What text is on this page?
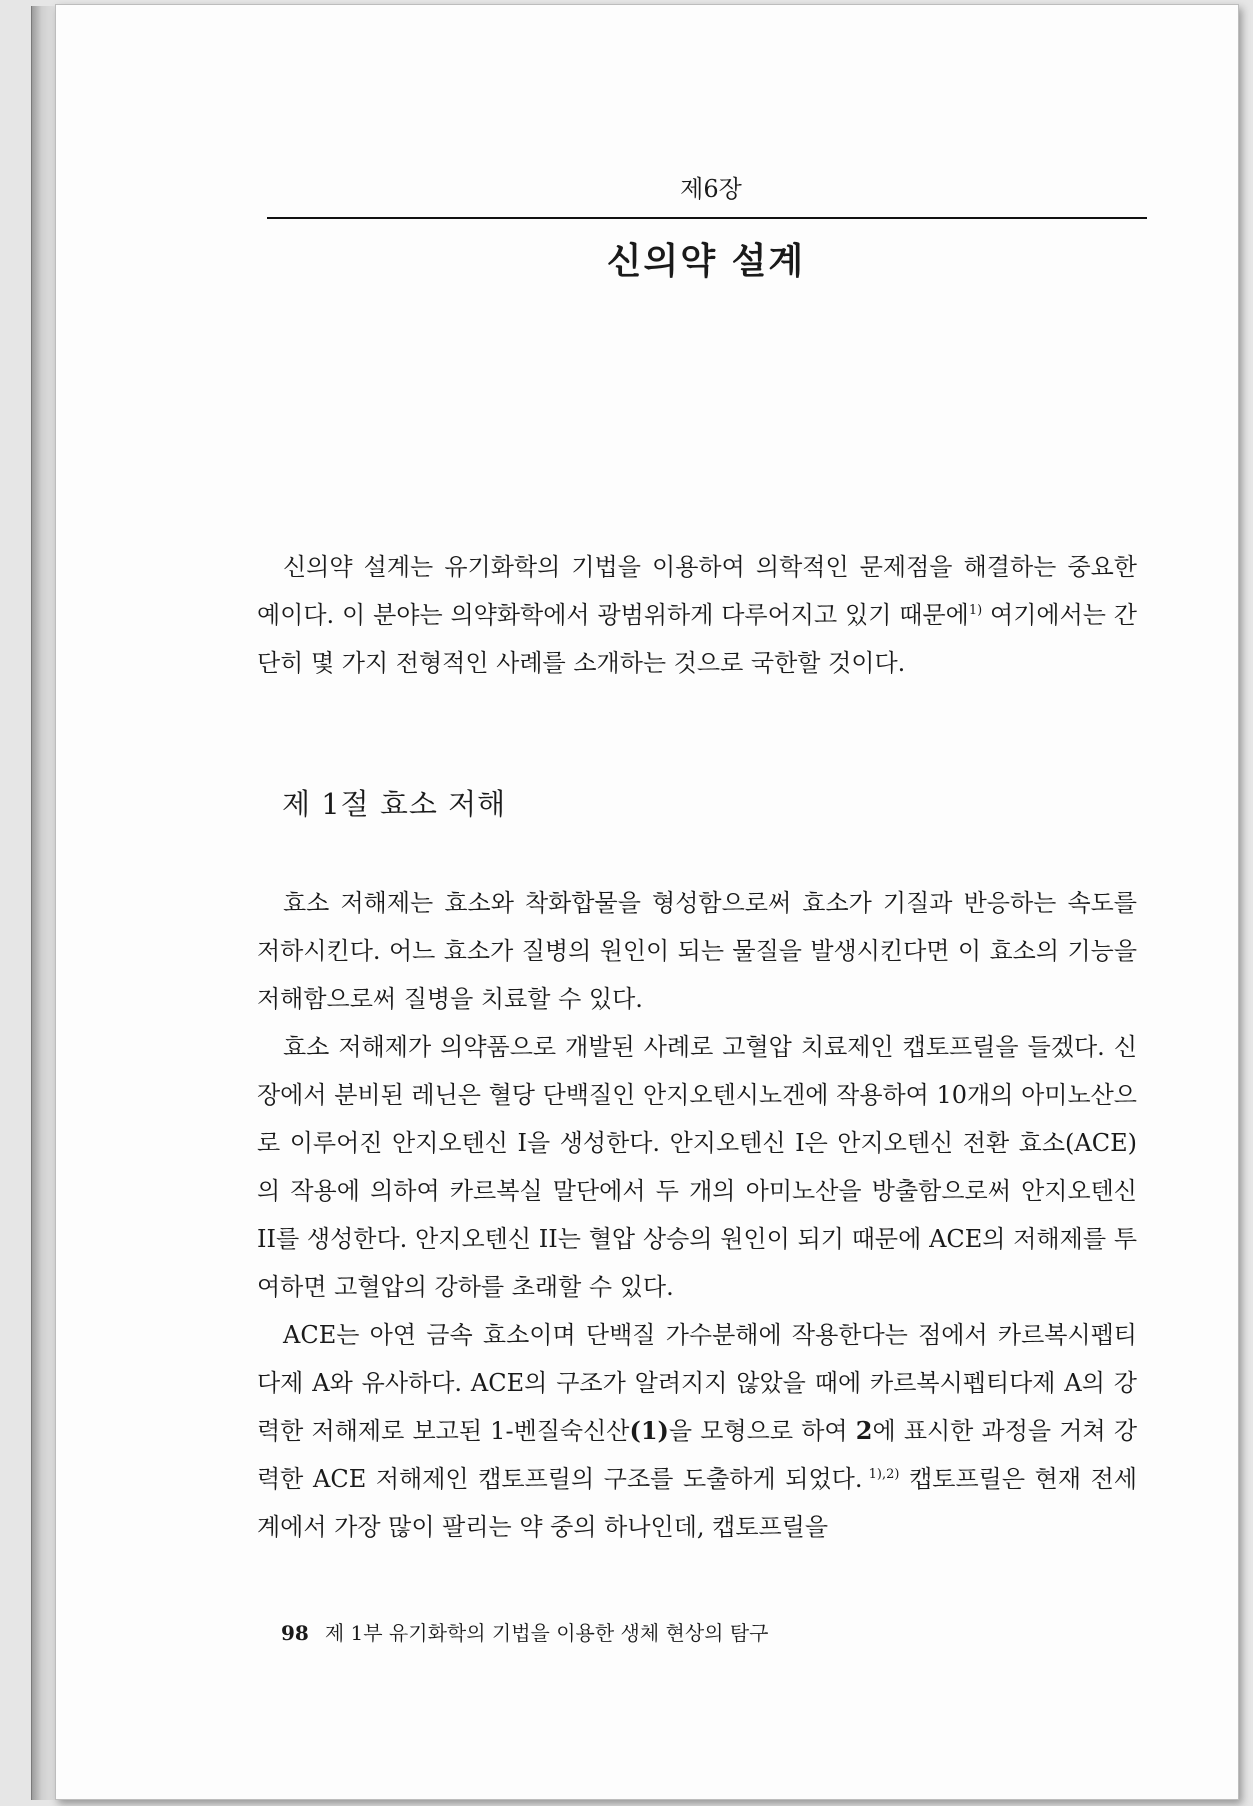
제6장
신의약 설계

신의약 설계는 유기화학의 기법을 이용하여 의학적인 문제점을 해결하는 중요한 예이다. 이 분야는 의약화학에서 광범위하게 다루어지고 있기 때문에$^{1)}$ 여기에서는 간단히 몇 가지 전형적인 사례를 소개하는 것으로 국한할 것이다.

제 1절 효소 저해

효소 저해제는 효소와 착화합물을 형성함으로써 효소가 기질과 반응하는 속도를 저하시킨다. 어느 효소가 질병의 원인이 되는 물질을 발생시킨다면 이 효소의 기능을 저해함으로써 질병을 치료할 수 있다.

효소 저해제가 의약품으로 개발된 사례로 고혈압 치료제인 캡토프릴을 들겠다. 신장에서 분비된 레닌은 혈당 단백질인 안지오텐시노겐에 작용하여 10개의 아미노산으로 이루어진 안지오텐신 I을 생성한다. 안지오텐신 I은 안지오텐신 전환 효소(ACE)의 작용에 의하여 카르복실 말단에서 두 개의 아미노산을 방출함으로써 안지오텐신 II를 생성한다. 안지오텐신 II는 혈압 상승의 원인이 되기 때문에 ACE의 저해제를 투여하면 고혈압의 강하를 초래할 수 있다.

ACE는 아연 금속 효소이며 단백질 가수분해에 작용한다는 점에서 카르복시펩티다제 A와 유사하다. ACE의 구조가 알려지지 않았을 때에 카르복시펩티다제 A의 강력한 저해제로 보고된 1-벤질숙신산(1)을 모형으로 하여 2에 표시한 과정을 거쳐 강력한 ACE 저해제인 캡토프릴의 구조를 도출하게 되었다. $^{1),2)}$ 캡토프릴은 현재 전세계에서 가장 많이 팔리는 약 중의 하나인데, 캡토프릴을

98 제 1부 유기화학의 기법을 이용한 생체 현상의 탐구
